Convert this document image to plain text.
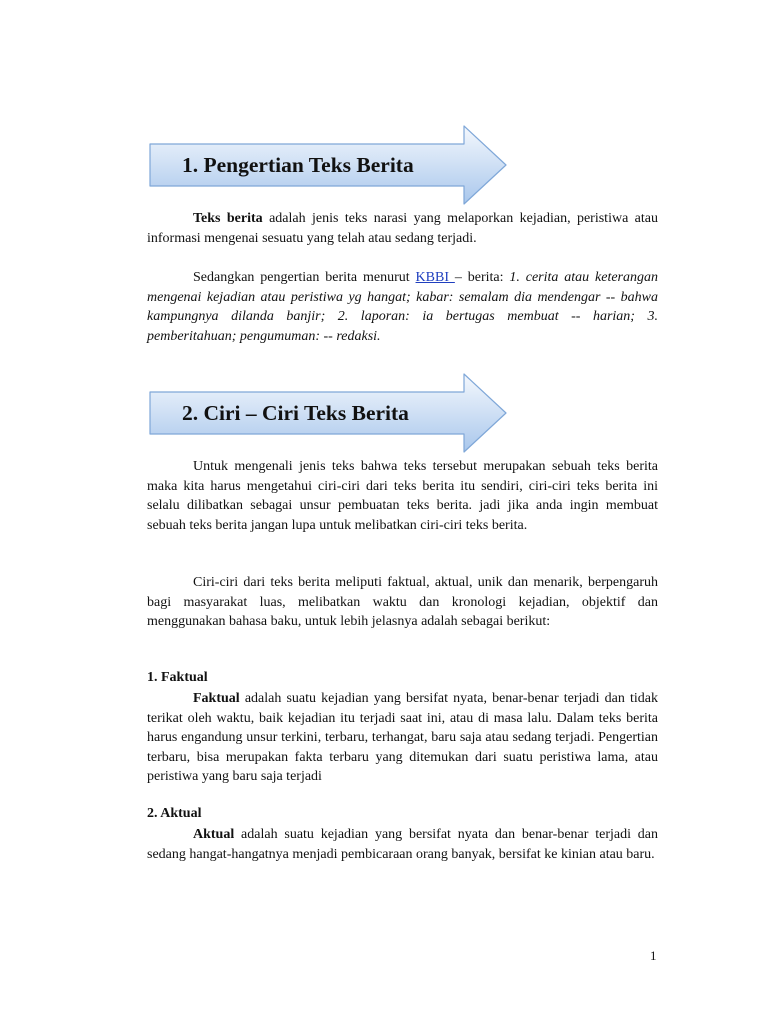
1. Pengertian Teks Berita

Teks berita adalah jenis teks narasi yang melaporkan kejadian, peristiwa atau informasi mengenai sesuatu yang telah atau sedang terjadi.

Sedangkan pengertian berita menurut KBBI – berita: 1. cerita atau keterangan mengenai kejadian atau peristiwa yg hangat; kabar: semalam dia mendengar -- bahwa kampungnya dilanda banjir; 2. laporan: ia bertugas membuat -- harian; 3. pemberitahuan; pengumuman: -- redaksi.

2. Ciri – Ciri Teks Berita

Untuk mengenali jenis teks bahwa teks tersebut merupakan sebuah teks berita maka kita harus mengetahui ciri-ciri dari teks berita itu sendiri, ciri-ciri teks berita ini selalu dilibatkan sebagai unsur pembuatan teks berita. jadi jika anda ingin membuat sebuah teks berita jangan lupa untuk melibatkan ciri-ciri teks berita.

Ciri-ciri dari teks berita meliputi faktual, aktual, unik dan menarik, berpengaruh bagi masyarakat luas, melibatkan waktu dan kronologi kejadian, objektif dan menggunakan bahasa baku, untuk lebih jelasnya adalah sebagai berikut:

1. Faktual

Faktual adalah suatu kejadian yang bersifat nyata, benar-benar terjadi dan tidak terikat oleh waktu, baik kejadian itu terjadi saat ini, atau di masa lalu. Dalam teks berita harus engandung unsur terkini, terbaru, terhangat, baru saja atau sedang terjadi. Pengertian terbaru, bisa merupakan fakta terbaru yang ditemukan dari suatu peristiwa lama, atau peristiwa yang baru saja terjadi

2. Aktual

Aktual adalah suatu kejadian yang bersifat nyata dan benar-benar terjadi dan sedang hangat-hangatnya menjadi pembicaraan orang banyak, bersifat ke kinian atau baru.

1
